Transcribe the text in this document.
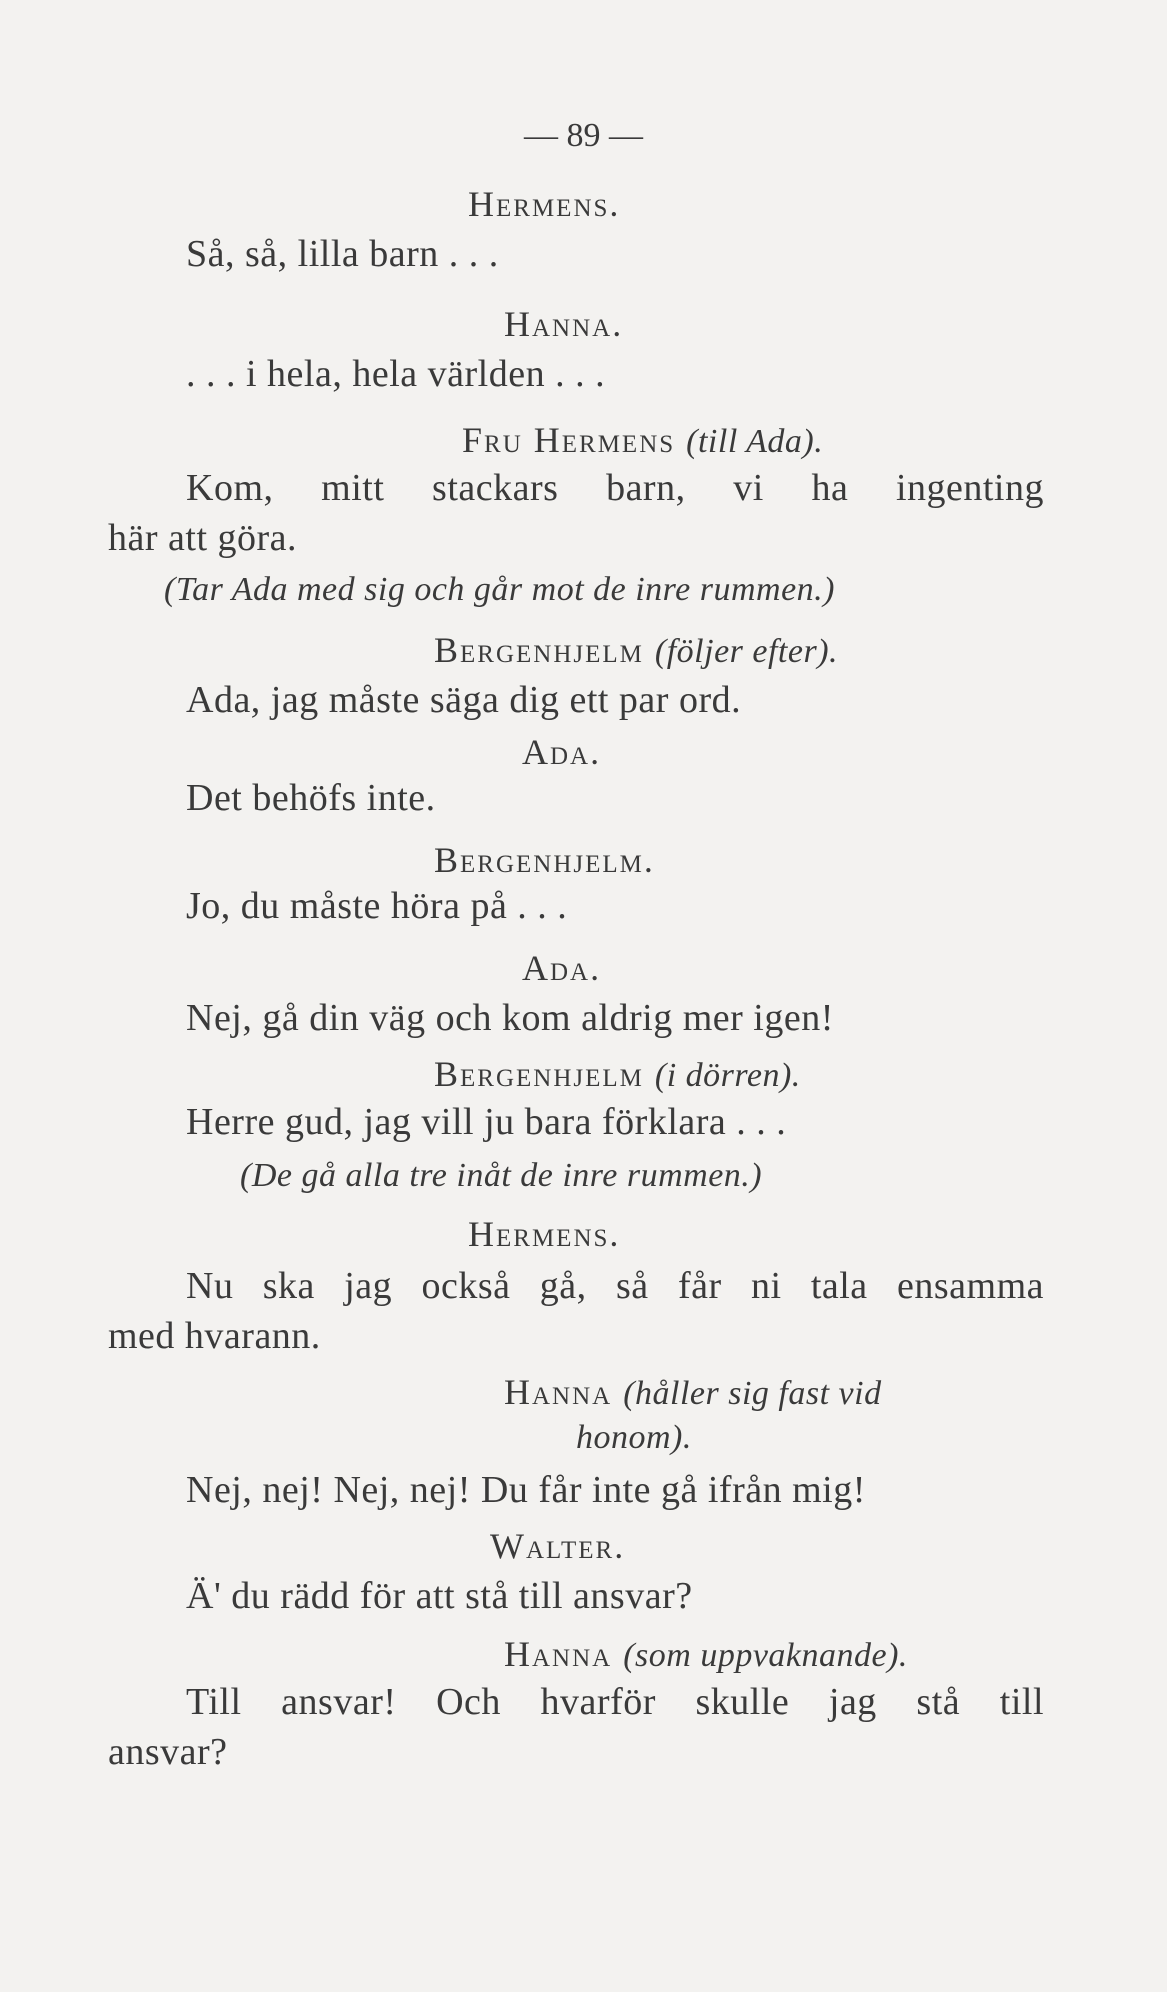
— 89 —
Hermens.
Så, så, lilla barn . . .
Hanna.
. . . i hela, hela världen . . .
Fru Hermens (till Ada).
Kom, mitt stackars barn, vi ha ingenting
här att göra.
(Tar Ada med sig och går mot de inre rummen.)
Bergenhjelm (följer efter).
Ada, jag måste säga dig ett par ord.
Ada.
Det behöfs inte.
Bergenhjelm.
Jo, du måste höra på . . .
Ada.
Nej, gå din väg och kom aldrig mer igen!
Bergenhjelm (i dörren).
Herre gud, jag vill ju bara förklara . . .
(De gå alla tre inåt de inre rummen.)
Hermens.
Nu ska jag också gå, så får ni tala ensamma
med hvarann.
Hanna (håller sig fast vid
honom).
Nej, nej! Nej, nej! Du får inte gå ifrån mig!
Walter.
Ä' du rädd för att stå till ansvar?
Hanna (som uppvaknande).
Till ansvar! Och hvarför skulle jag stå till
ansvar?
